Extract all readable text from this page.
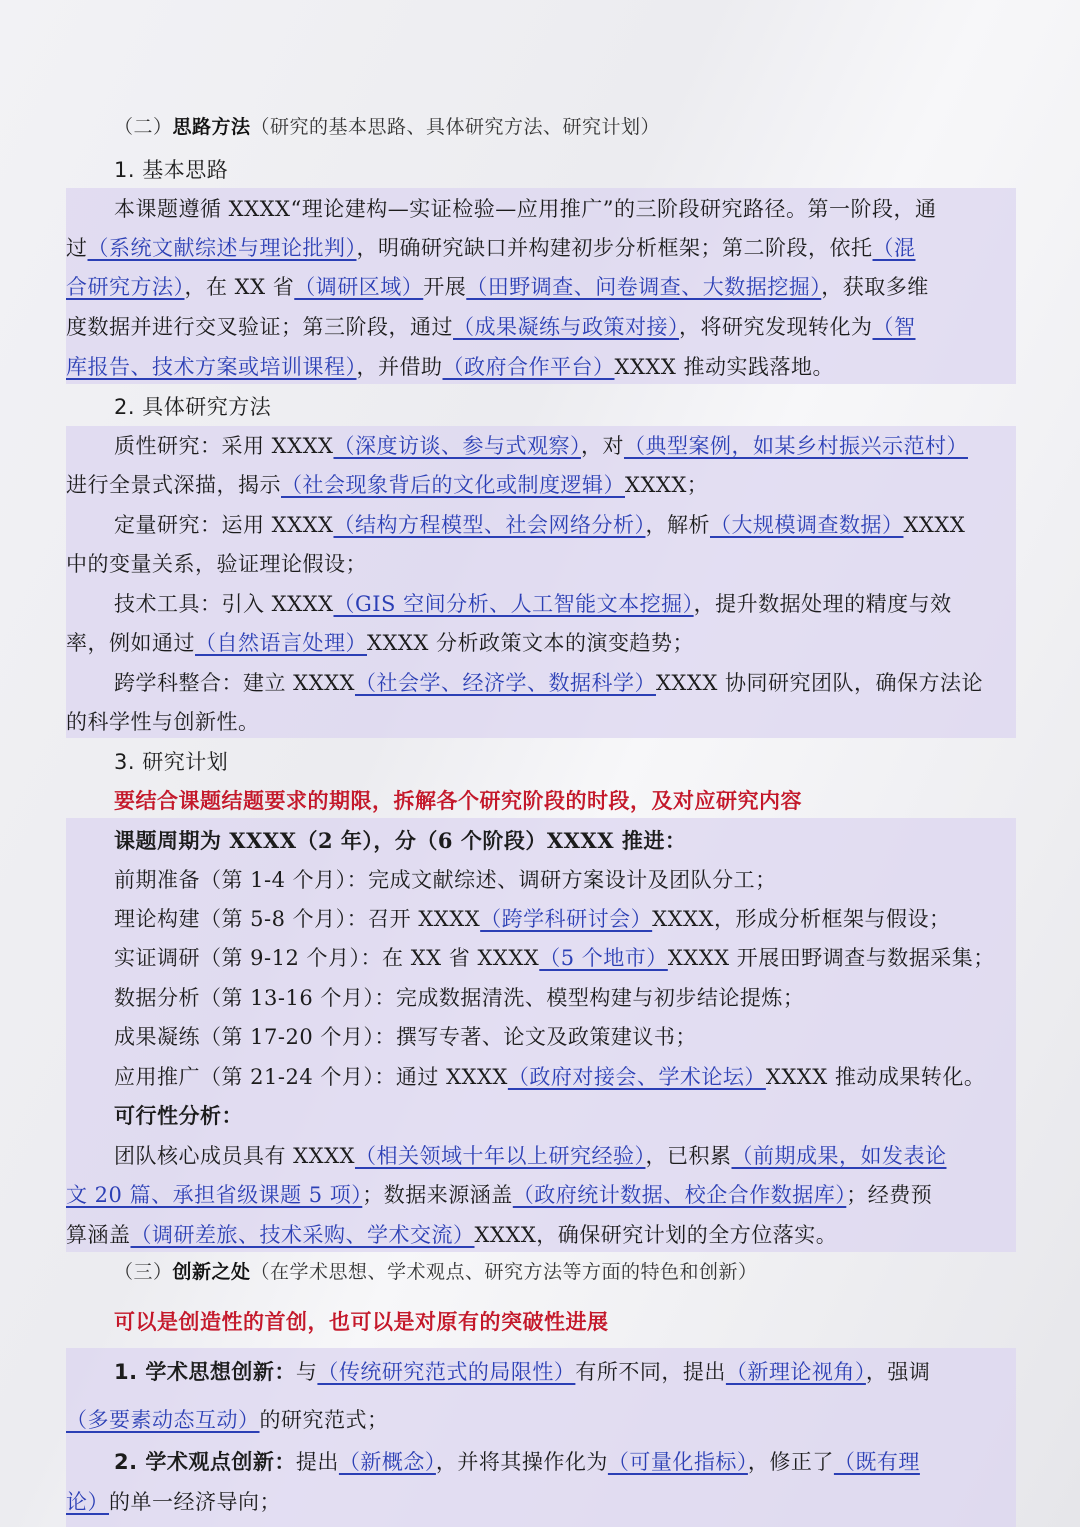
（二）思路方法（研究的基本思路、具体研究方法、研究计划）
1. 基本思路
本课题遵循 XXXX“理论建构—实证检验—应用推广”的三阶段研究路径。第一阶段，通
过（系统文献综述与理论批判），明确研究缺口并构建初步分析框架；第二阶段，依托（混
合研究方法），在 XX 省（调研区域）开展（田野调查、问卷调查、大数据挖掘），获取多维
度数据并进行交叉验证；第三阶段，通过（成果凝练与政策对接），将研究发现转化为（智
库报告、技术方案或培训课程），并借助（政府合作平台）XXXX 推动实践落地。
2. 具体研究方法
质性研究：采用 XXXX（深度访谈、参与式观察），对（典型案例，如某乡村振兴示范村）
进行全景式深描，揭示（社会现象背后的文化或制度逻辑）XXXX；
定量研究：运用 XXXX（结构方程模型、社会网络分析），解析（大规模调查数据）XXXX
中的变量关系，验证理论假设；
技术工具：引入 XXXX（GIS 空间分析、人工智能文本挖掘），提升数据处理的精度与效
率，例如通过（自然语言处理）XXXX 分析政策文本的演变趋势；
跨学科整合：建立 XXXX（社会学、经济学、数据科学）XXXX 协同研究团队，确保方法论
的科学性与创新性。
3. 研究计划
要结合课题结题要求的期限，拆解各个研究阶段的时段，及对应研究内容
课题周期为 XXXX（2 年），分（6 个阶段）XXXX 推进：
前期准备（第 1-4 个月）：完成文献综述、调研方案设计及团队分工；
理论构建（第 5-8 个月）：召开 XXXX（跨学科研讨会）XXXX，形成分析框架与假设；
实证调研（第 9-12 个月）：在 XX 省 XXXX（5 个地市）XXXX 开展田野调查与数据采集；
数据分析（第 13-16 个月）：完成数据清洗、模型构建与初步结论提炼；
成果凝练（第 17-20 个月）：撰写专著、论文及政策建议书；
应用推广（第 21-24 个月）：通过 XXXX（政府对接会、学术论坛）XXXX 推动成果转化。
可行性分析：
团队核心成员具有 XXXX（相关领域十年以上研究经验），已积累（前期成果，如发表论
文 20 篇、承担省级课题 5 项）；数据来源涵盖（政府统计数据、校企合作数据库）；经费预
算涵盖（调研差旅、技术采购、学术交流）XXXX，确保研究计划的全方位落实。
（三）创新之处（在学术思想、学术观点、研究方法等方面的特色和创新）
可以是创造性的首创，也可以是对原有的突破性进展
1. 学术思想创新：与（传统研究范式的局限性）有所不同，提出（新理论视角），强调
（多要素动态互动）的研究范式；
2. 学术观点创新：提出（新概念），并将其操作化为（可量化指标），修正了（既有理
论）的单一经济导向；
